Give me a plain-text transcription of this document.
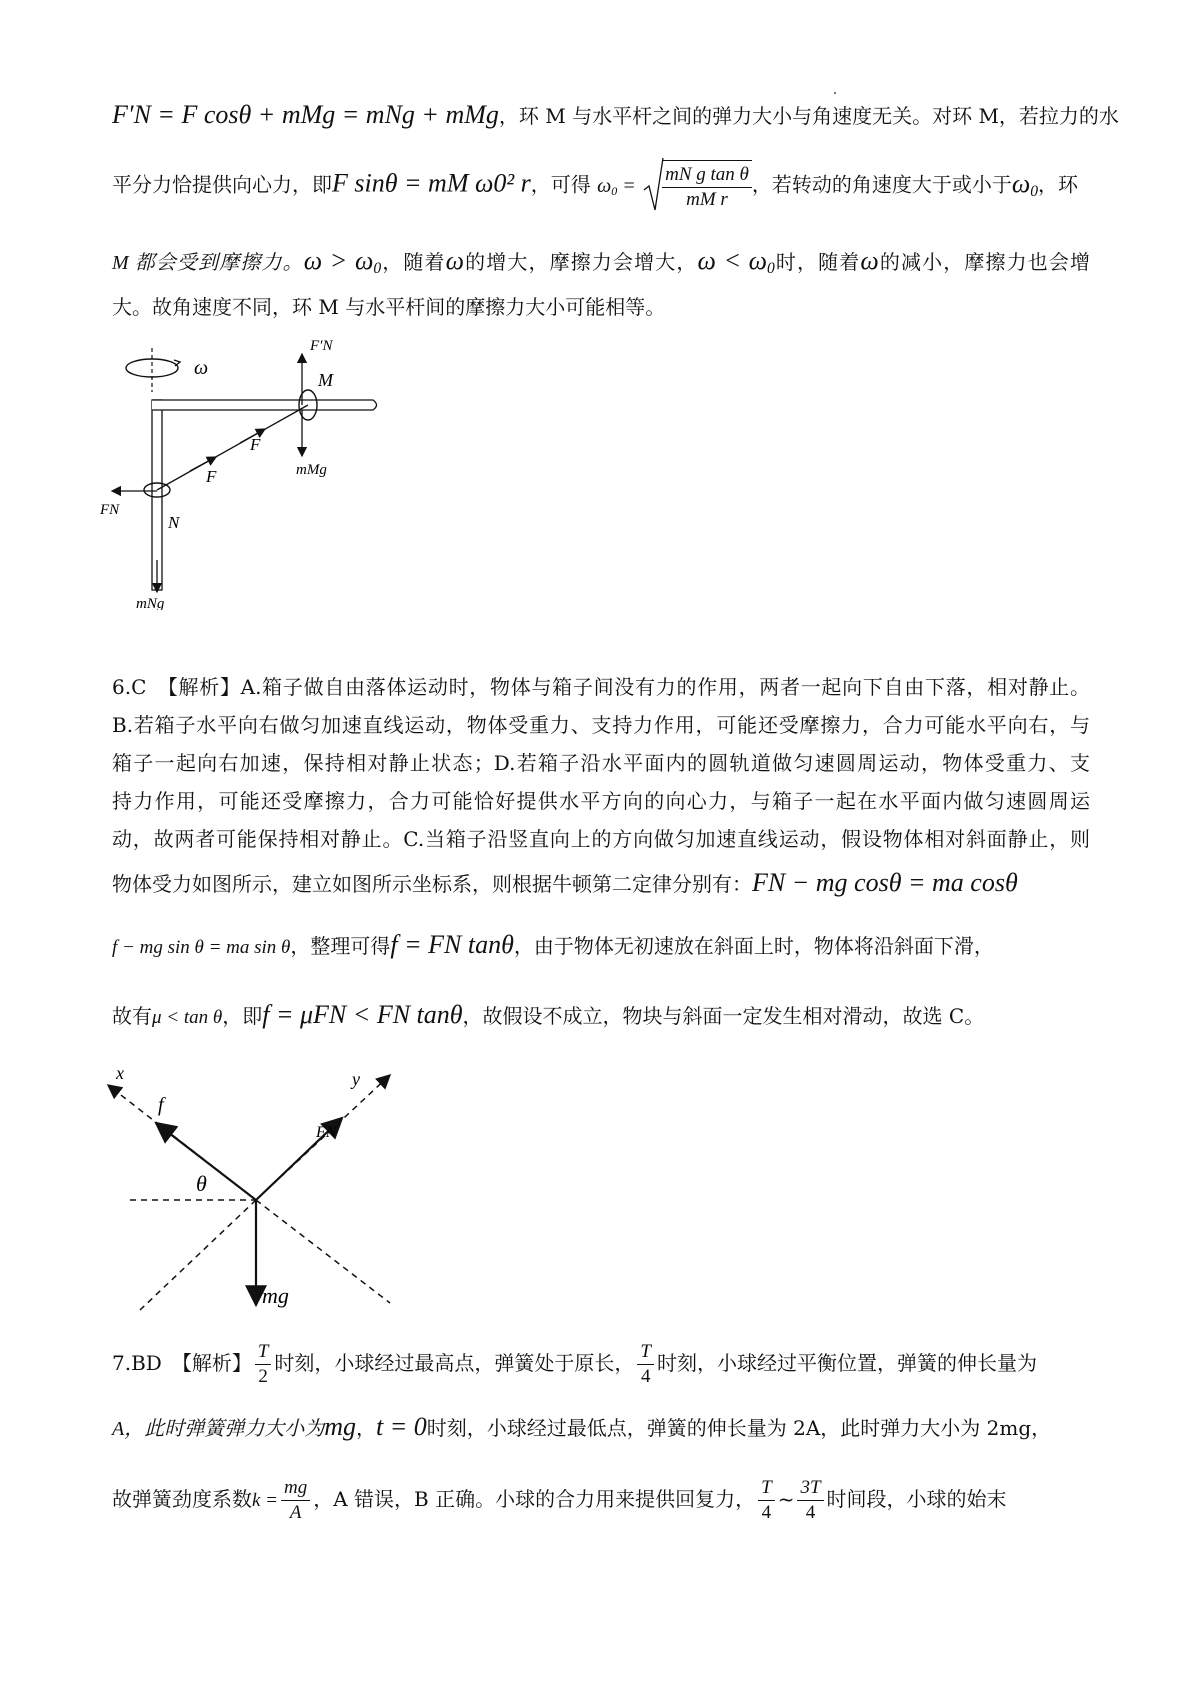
F′N = F cosθ + mMg = mNg + mMg，环 M 与水平杆之间的弹力大小与角速度无关。对环 M，若拉力的水
平分力恰提供向心力，即F sinθ = mM ω0² r，可得 $\omega_0 = \frac{\text{mN g tan θ}}{\text{mM r}}$ ，若转动的角速度大于或小于$\omega_0$，环
M 都会受到摩擦力。$\omega > \omega_0$，随着ω的增大，摩擦力会增大，$\omega < \omega_0$时，随着ω的减小，摩擦力也会增
大。故角速度不同，环 M 与水平杆间的摩擦力大小可能相等。
ω
F′N
M
F
F	mMg
FN
N
mNg
6.C　【解析】A.箱子做自由落体运动时，物体与箱子间没有力的作用，两者一起向下自由下落，相对静止。
B.若箱子水平向右做匀加速直线运动，物体受重力、支持力作用，可能还受摩擦力，合力可能水平向右，与
箱子一起向右加速，保持相对静止状态；D.若箱子沿水平面内的圆轨道做匀速圆周运动，物体受重力、支
持力作用，可能还受摩擦力，合力可能恰好提供水平方向的向心力，与箱子一起在水平面内做匀速圆周运
动，故两者可能保持相对静止。C.当箱子沿竖直向上的方向做匀加速直线运动，假设物体相对斜面静止，则
物体受力如图所示，建立如图所示坐标系，则根据牛顿第二定律分别有：FN − mg cosθ = ma cosθ
f − mg sin θ = ma sin θ，整理可得f = FN tanθ，由于物体无初速放在斜面上时，物体将沿斜面下滑，
故有μ < tan θ，即f = μFN < FN tanθ，故假设不成立，物块与斜面一定发生相对滑动，故选 C。
x	y
f
FN
θ
mg
7.BD　【解析】 $\frac{T}{2}$ 时刻，小球经过最高点，弹簧处于原长， $\frac{T}{4}$ 时刻，小球经过平衡位置，弹簧的伸长量为
A，此时弹簧弹力大小为mg，t = 0时刻，小球经过最低点，弹簧的伸长量为 2A，此时弹力大小为 2mg，
故弹簧劲度系数$k = \frac{mg}{A}$ ，A 错误，B 正确。小球的合力用来提供回复力， $\frac{T}{4}$ ~ $\frac{3T}{4}$ 时间段，小球的始末
